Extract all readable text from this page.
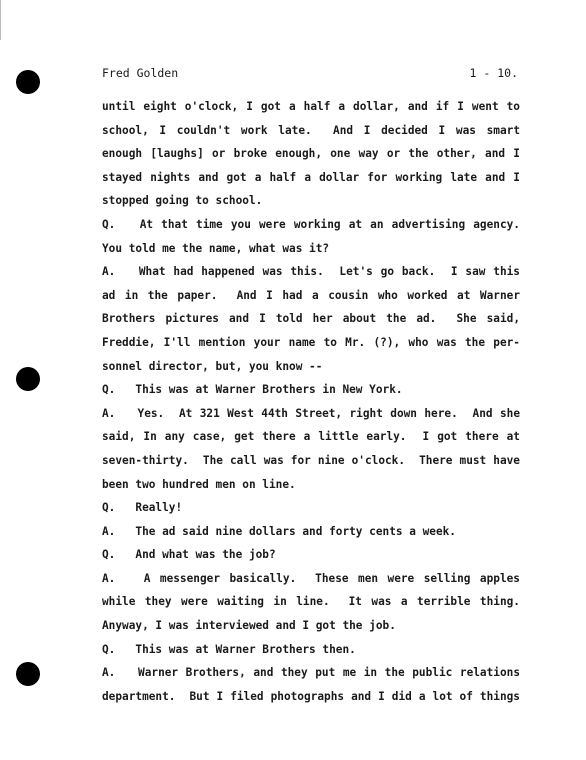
Fred Golden	1 - 10.
until eight o'clock, I got a half a dollar, and if I went to
school, I couldn't work late.  And I decided I was smart
enough [laughs] or broke enough, one way or the other, and I
stayed nights and got a half a dollar for working late and I
stopped going to school.
Q.   At that time you were working at an advertising agency.
You told me the name, what was it?
A.   What had happened was this.  Let's go back.  I saw this
ad in the paper.  And I had a cousin who worked at Warner
Brothers pictures and I told her about the ad.  She said,
Freddie, I'll mention your name to Mr. (?), who was the per-
sonnel director, but, you know --
Q.   This was at Warner Brothers in New York.
A.   Yes.  At 321 West 44th Street, right down here.  And she
said, In any case, get there a little early.  I got there at
seven-thirty.  The call was for nine o'clock.  There must have
been two hundred men on line.
Q.   Really!
A.   The ad said nine dollars and forty cents a week.
Q.   And what was the job?
A.   A messenger basically.  These men were selling apples
while they were waiting in line.  It was a terrible thing.
Anyway, I was interviewed and I got the job.
Q.   This was at Warner Brothers then.
A.   Warner Brothers, and they put me in the public relations
department.  But I filed photographs and I did a lot of things
